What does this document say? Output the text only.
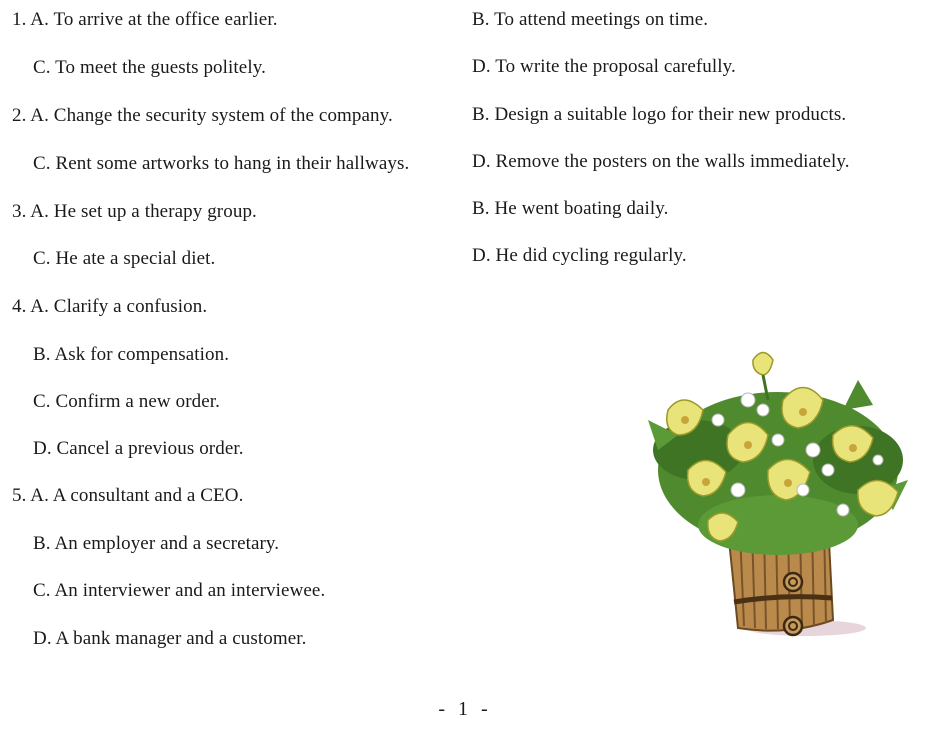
1. A. To arrive at the office earlier.	B. To attend meetings on time.
C. To meet the guests politely.	D. To write the proposal carefully.
2. A. Change the security system of the company.	B. Design a suitable logo for their new products.
C. Rent some artworks to hang in their hallways.	D. Remove the posters on the walls immediately.
3. A. He set up a therapy group.	B. He went boating daily.
C. He ate a special diet.	D. He did cycling regularly.
4. A. Clarify a confusion.
B. Ask for compensation.
C. Confirm a new order.
D. Cancel a previous order.
5. A. A consultant and a CEO.
B. An employer and a secretary.
C. An interviewer and an interviewee.
D. A bank manager and a customer.
- 1 -
